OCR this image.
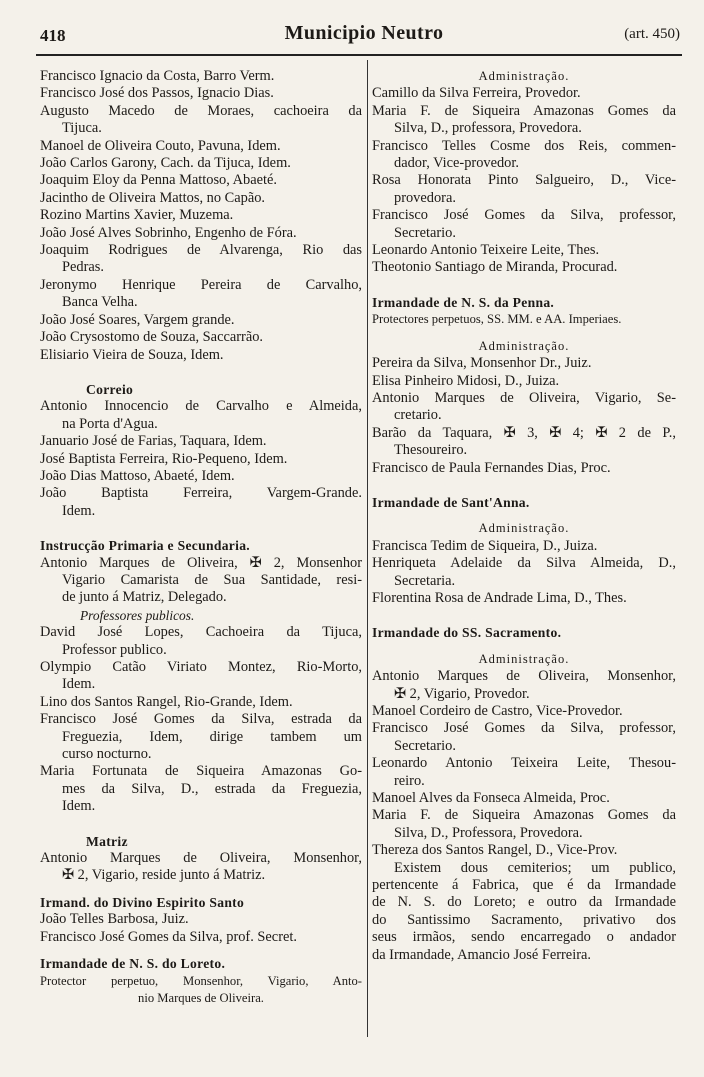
418	Municipio Neutro	(art. 450)
Francisco Ignacio da Costa, Barro Verm.
Francisco José dos Passos, Ignacio Dias.
Augusto Macedo de Moraes, cachoeira da
Tijuca.
Manoel de Oliveira Couto, Pavuna, Idem.
João Carlos Garony, Cach. da Tijuca, Idem.
Joaquim Eloy da Penna Mattoso, Abaeté.
Jacintho de Oliveira Mattos, no Capão.
Rozino Martins Xavier, Muzema.
João José Alves Sobrinho, Engenho de Fóra.
Joaquim Rodrigues de Alvarenga, Rio das
Pedras.
Jeronymo Henrique Pereira de Carvalho,
Banca Velha.
João José Soares, Vargem grande.
João Crysostomo de Souza, Saccarrão.
Elisiario Vieira de Souza, Idem.
Correio
Antonio Innocencio de Carvalho e Almeida,
na Porta d'Agua.
Januario José de Farias, Taquara, Idem.
José Baptista Ferreira, Rio-Pequeno, Idem.
João Dias Mattoso, Abaeté, Idem.
João Baptista Ferreira, Vargem-Grande.
Idem.
Instrucção Primaria e Secundaria.
Antonio Marques de Oliveira, ✠ 2, Monsenhor
Vigario Camarista de Sua Santidade, resi-
de junto á Matriz, Delegado.
Professores publicos.
David José Lopes, Cachoeira da Tijuca,
Professor publico.
Olympio Catão Viriato Montez, Rio-Morto,
Idem.
Lino dos Santos Rangel, Rio-Grande, Idem.
Francisco José Gomes da Silva, estrada da
Freguezia, Idem, dirige tambem um
curso nocturno.
Maria Fortunata de Siqueira Amazonas Go-
mes da Silva, D., estrada da Freguezia,
Idem.
Matriz
Antonio Marques de Oliveira, Monsenhor,
✠ 2, Vigario, reside junto á Matriz.
Irmand. do Divino Espirito Santo
João Telles Barbosa, Juiz.
Francisco José Gomes da Silva, prof. Secret.
Irmandade de N. S. do Loreto.
Protector perpetuo, Monsenhor, Vigario, Anto-
nio Marques de Oliveira.
Administração.
Camillo da Silva Ferreira, Provedor.
Maria F. de Siqueira Amazonas Gomes da
Silva, D., professora, Provedora.
Francisco Telles Cosme dos Reis, commen-
dador, Vice-provedor.
Rosa Honorata Pinto Salgueiro, D., Vice-
provedora.
Francisco José Gomes da Silva, professor,
Secretario.
Leonardo Antonio Teixeire Leite, Thes.
Theotonio Santiago de Miranda, Procurad.
Irmandade de N. S. da Penna.
Protectores perpetuos, SS. MM. e AA. Imperiaes.
Administração.
Pereira da Silva, Monsenhor Dr., Juiz.
Elisa Pinheiro Midosi, D., Juiza.
Antonio Marques de Oliveira, Vigario, Se-
cretario.
Barão da Taquara, ✠ 3, ✠ 4; ✠ 2 de P.,
Thesoureiro.
Francisco de Paula Fernandes Dias, Proc.
Irmandade de Sant'Anna.
Administração.
Francisca Tedim de Siqueira, D., Juiza.
Henriqueta Adelaide da Silva Almeida, D.,
Secretaria.
Florentina Rosa de Andrade Lima, D., Thes.
Irmandade do SS. Sacramento.
Administração.
Antonio Marques de Oliveira, Monsenhor,
✠ 2, Vigario, Provedor.
Manoel Cordeiro de Castro, Vice-Provedor.
Francisco José Gomes da Silva, professor,
Secretario.
Leonardo Antonio Teixeira Leite, Thesou-
reiro.
Manoel Alves da Fonseca Almeida, Proc.
Maria F. de Siqueira Amazonas Gomes da
Silva, D., Professora, Provedora.
Thereza dos Santos Rangel, D., Vice-Prov.
Existem dous cemiterios; um publico,
pertencente á Fabrica, que é da Irmandade
de N. S. do Loreto; e outro da Irmandade
do Santissimo Sacramento, privativo dos
seus irmãos, sendo encarregado o andador
da Irmandade, Amancio José Ferreira.
